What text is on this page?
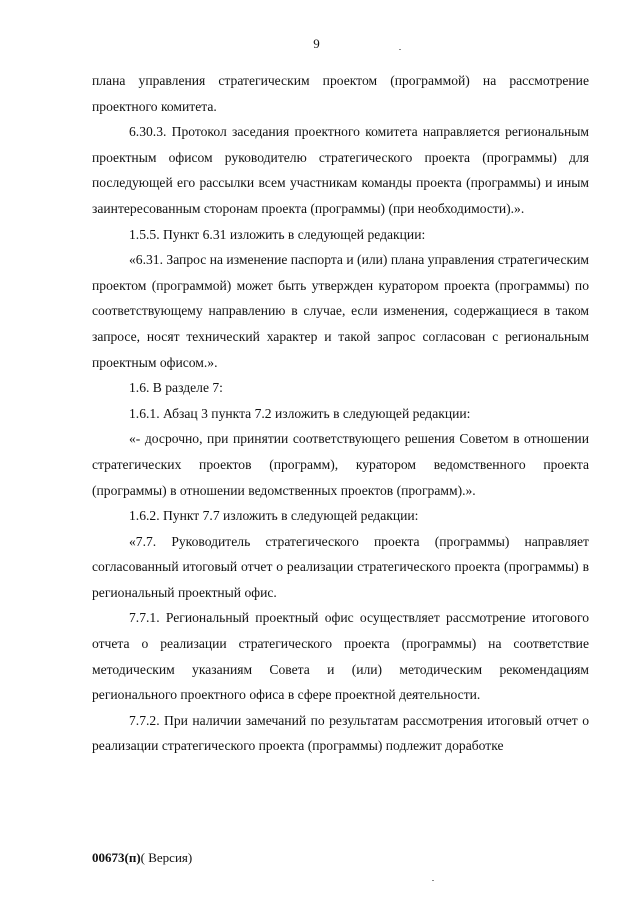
9

плана управления стратегическим проектом (программой) на рассмотрение проектного комитета.

6.30.3. Протокол заседания проектного комитета направляется региональным проектным офисом руководителю стратегического проекта (программы) для последующей его рассылки всем участникам команды проекта (программы) и иным заинтересованным сторонам проекта (программы) (при необходимости).».

1.5.5. Пункт 6.31 изложить в следующей редакции:

«6.31. Запрос на изменение паспорта и (или) плана управления стратегическим проектом (программой) может быть утвержден куратором проекта (программы) по соответствующему направлению в случае, если изменения, содержащиеся в таком запросе, носят технический характер и такой запрос согласован с региональным проектным офисом.».

1.6. В разделе 7:

1.6.1. Абзац 3 пункта 7.2 изложить в следующей редакции:

«- досрочно, при принятии соответствующего решения Советом в отношении стратегических проектов (программ), куратором ведомственного проекта (программы) в отношении ведомственных проектов (программ).».

1.6.2. Пункт 7.7 изложить в следующей редакции:

«7.7. Руководитель стратегического проекта (программы) направляет согласованный итоговый отчет о реализации стратегического проекта (программы) в региональный проектный офис.

7.7.1. Региональный проектный офис осуществляет рассмотрение итогового отчета о реализации стратегического проекта (программы) на соответствие методическим указаниям Совета и (или) методическим рекомендациям регионального проектного офиса в сфере проектной деятельности.

7.7.2. При наличии замечаний по результатам рассмотрения итоговый отчет о реализации стратегического проекта (программы) подлежит доработке

00673(п)( Версия)
